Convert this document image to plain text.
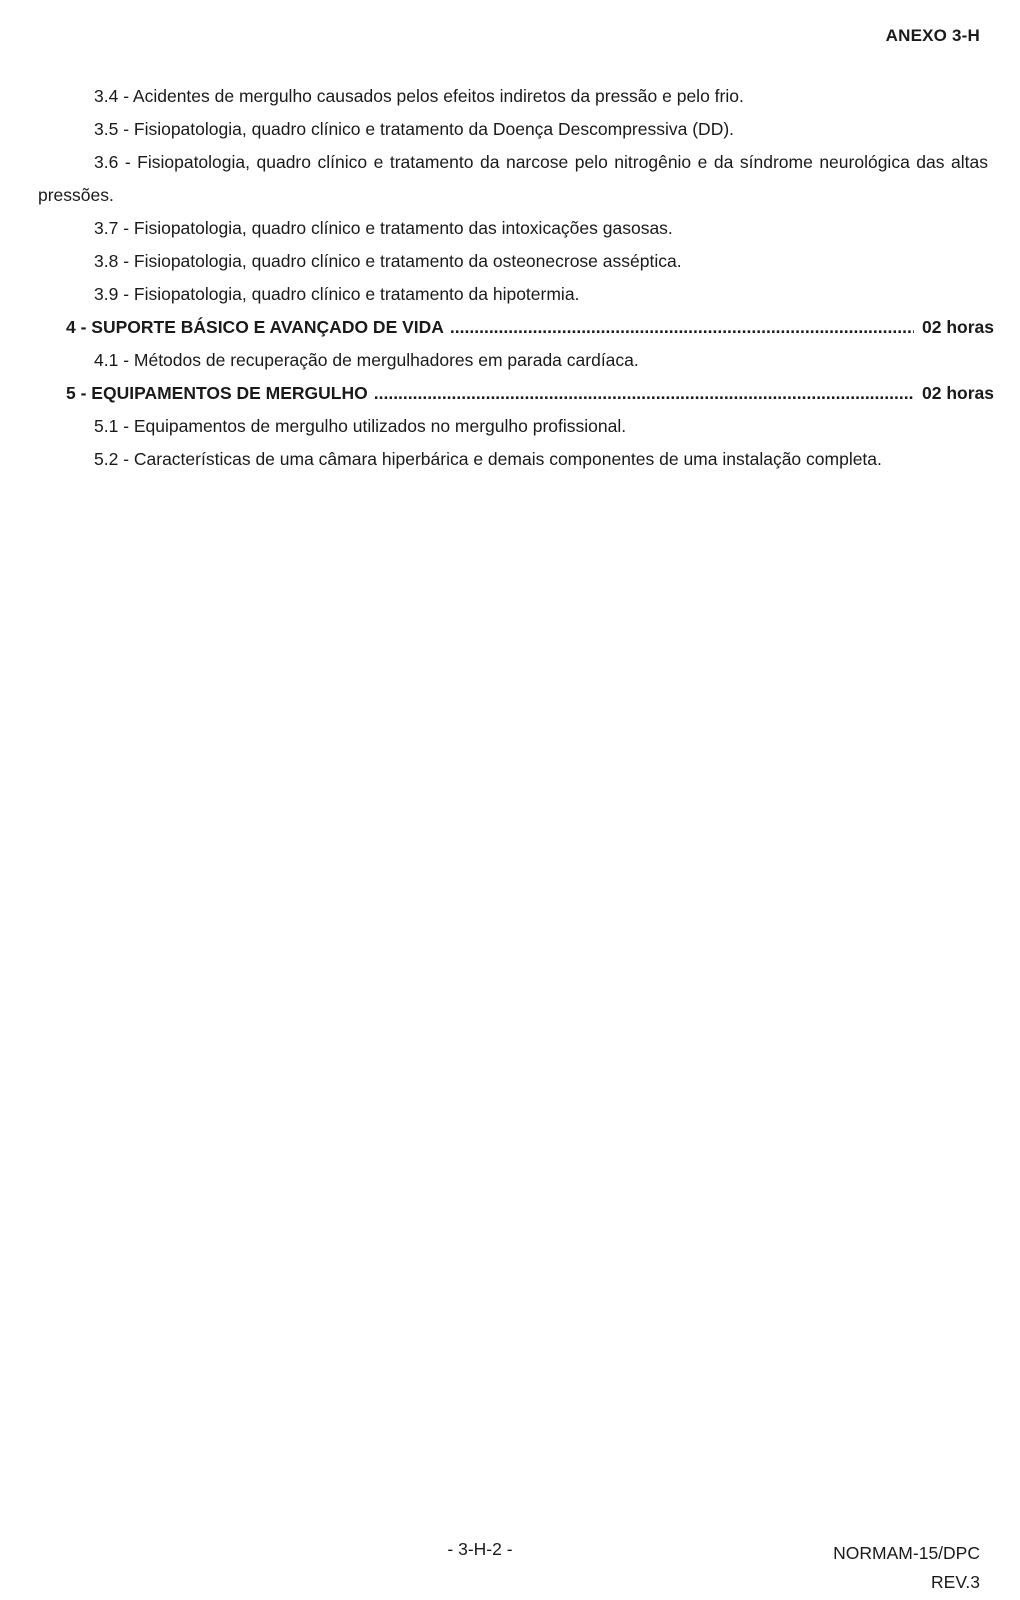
ANEXO 3-H
3.4 - Acidentes de mergulho causados pelos efeitos indiretos da pressão e pelo frio.
3.5 - Fisiopatologia, quadro clínico e tratamento da Doença Descompressiva (DD).
3.6 - Fisiopatologia, quadro clínico e tratamento da narcose pelo nitrogênio e da síndrome neurológica das altas pressões.
3.7 - Fisiopatologia, quadro clínico e tratamento das intoxicações gasosas.
3.8 - Fisiopatologia, quadro clínico e tratamento da osteonecrose asséptica.
3.9 - Fisiopatologia, quadro clínico e tratamento da hipotermia.
4 - SUPORTE BÁSICO E AVANÇADO DE VIDA .....	02 horas
4.1 - Métodos de recuperação de mergulhadores em parada cardíaca.
5 - EQUIPAMENTOS DE MERGULHO .....	02 horas
5.1 - Equipamentos de mergulho utilizados no mergulho profissional.
5.2 - Características de uma câmara hiperbárica e demais componentes de uma instalação completa.
- 3-H-2 -	NORMAM-15/DPC
REV.3
